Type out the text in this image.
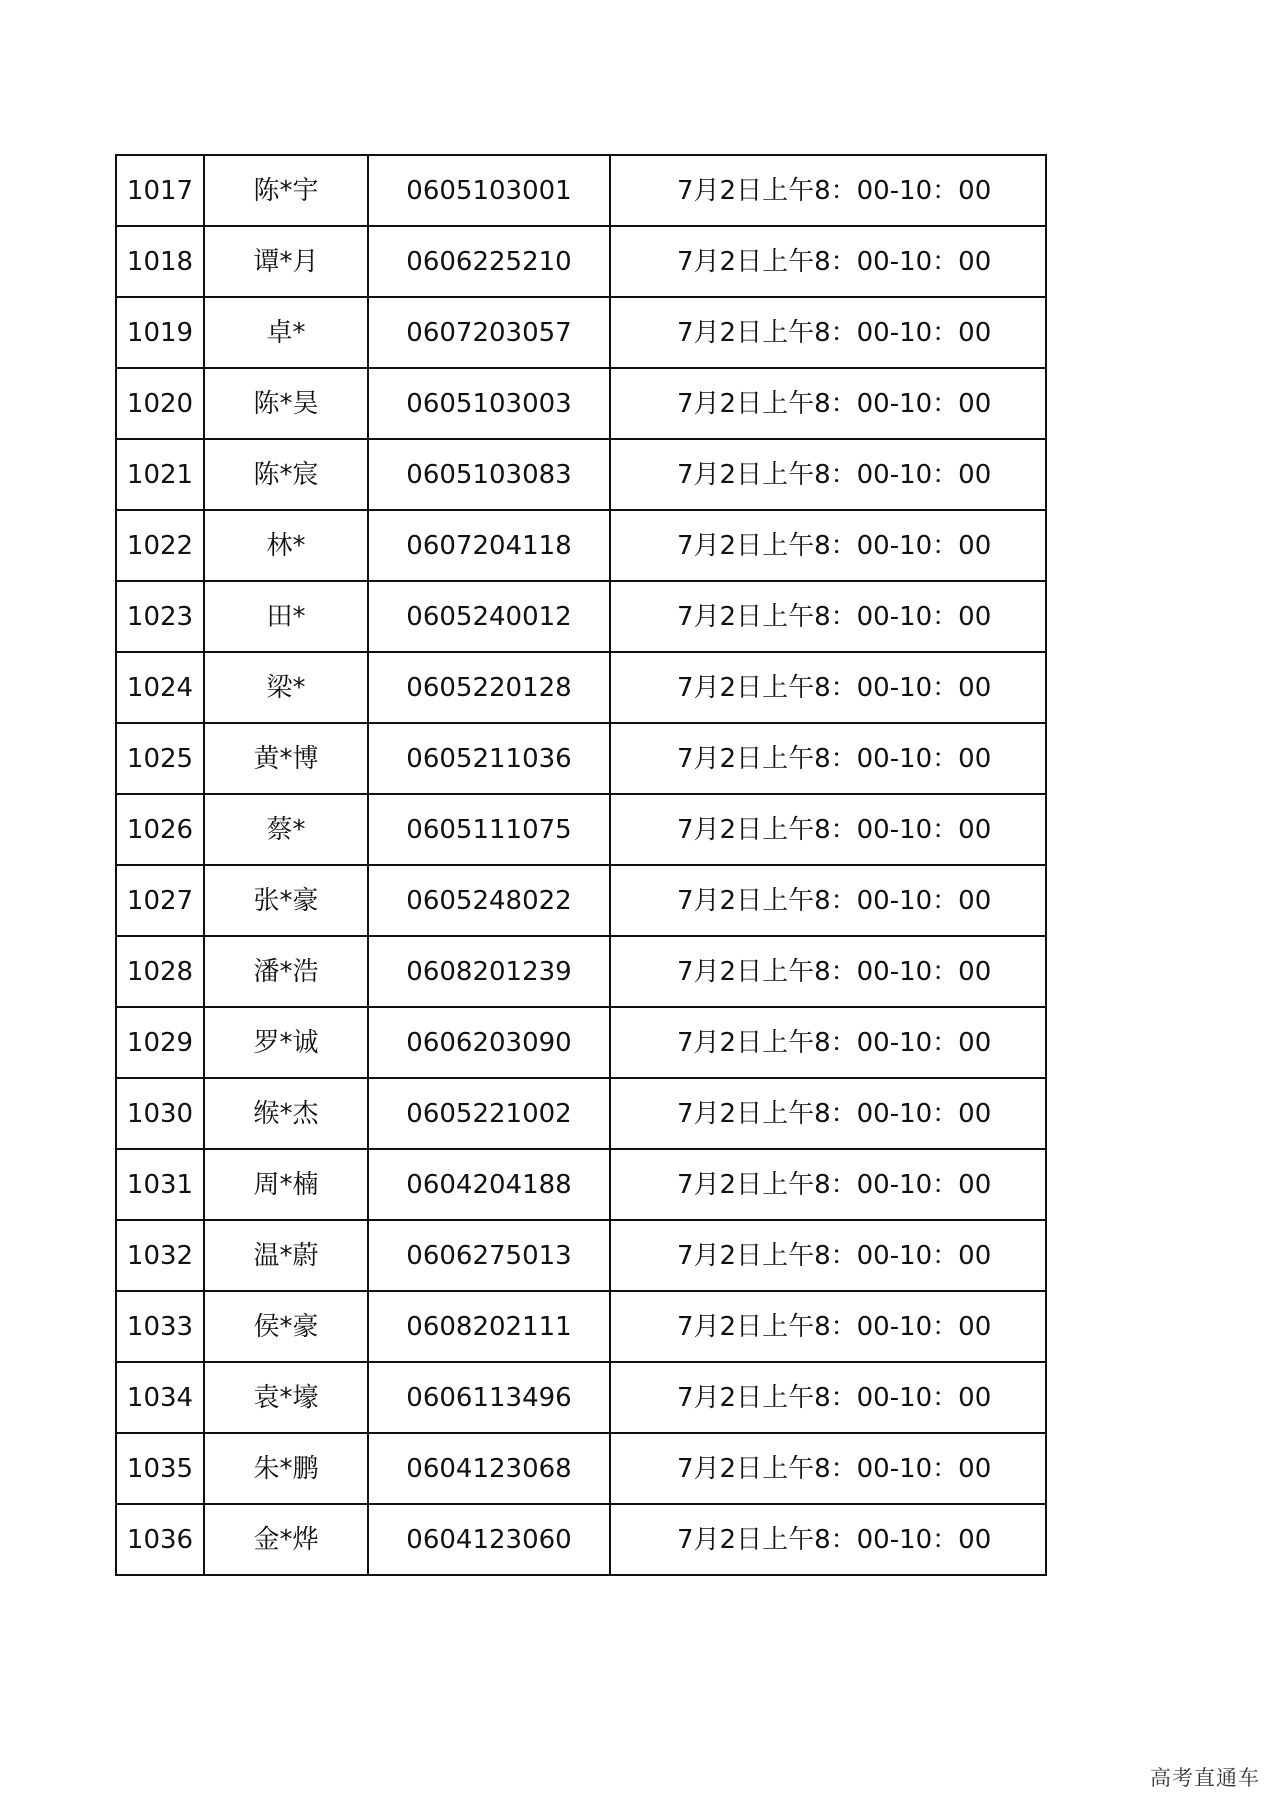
1017	陈*宇	0605103001	7月2日上午8：00-10：00
1018	谭*月	0606225210	7月2日上午8：00-10：00
1019	卓*	0607203057	7月2日上午8：00-10：00
1020	陈*昊	0605103003	7月2日上午8：00-10：00
1021	陈*宸	0605103083	7月2日上午8：00-10：00
1022	林*	0607204118	7月2日上午8：00-10：00
1023	田*	0605240012	7月2日上午8：00-10：00
1024	梁*	0605220128	7月2日上午8：00-10：00
1025	黄*博	0605211036	7月2日上午8：00-10：00
1026	蔡*	0605111075	7月2日上午8：00-10：00
1027	张*豪	0605248022	7月2日上午8：00-10：00
1028	潘*浩	0608201239	7月2日上午8：00-10：00
1029	罗*诚	0606203090	7月2日上午8：00-10：00
1030	缑*杰	0605221002	7月2日上午8：00-10：00
1031	周*楠	0604204188	7月2日上午8：00-10：00
1032	温*蔚	0606275013	7月2日上午8：00-10：00
1033	侯*豪	0608202111	7月2日上午8：00-10：00
1034	袁*壕	0606113496	7月2日上午8：00-10：00
1035	朱*鹏	0604123068	7月2日上午8：00-10：00
1036	金*烨	0604123060	7月2日上午8：00-10：00
高考直通车
